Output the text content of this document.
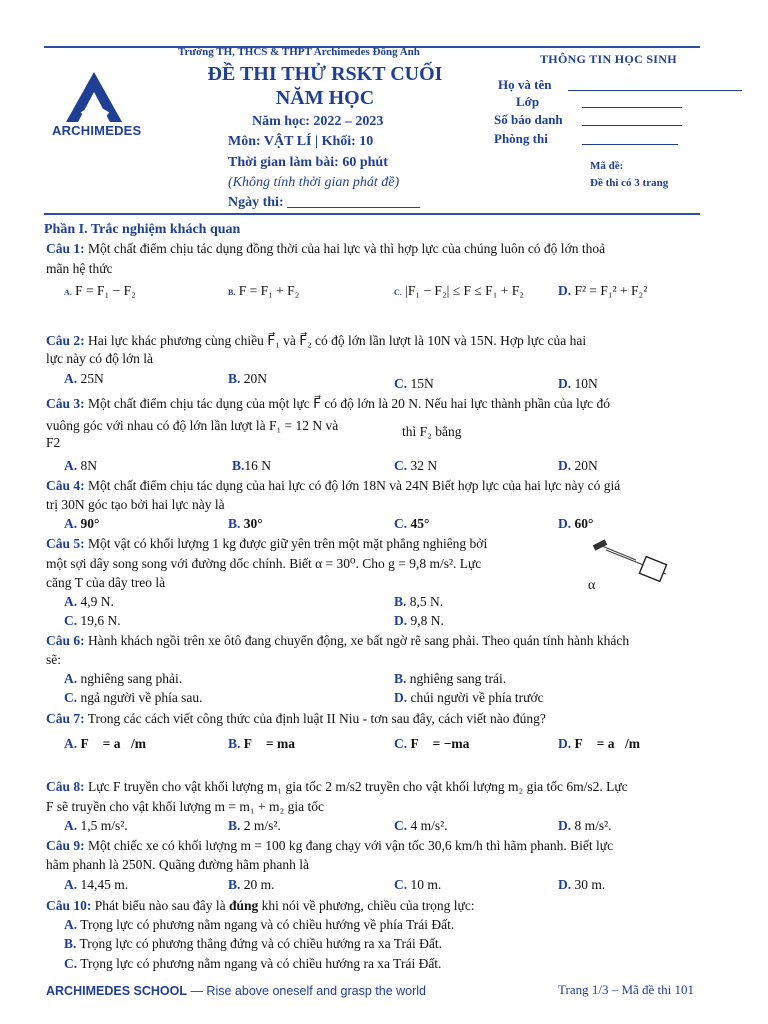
ARCHIMEDES
Trường TH, THCS & THPT Archimedes Đông Anh
ĐỀ THI THỬ RSKT CUỐI
NĂM HỌC
Năm học: 2022 – 2023
Môn: VẬT LÍ | Khối: 10
Thời gian làm bài: 60 phút
(Không tính thời gian phát đề)
Ngày thi: ___________________
THÔNG TIN HỌC SINH
Họ và tên
Lớp
Số báo danh
Phòng thi
Mã đề:
Đề thi có 3 trang
Phần I. Trắc nghiệm khách quan
Câu 1: Một chất điểm chịu tác dụng đồng thời của hai lực và thì hợp lực của chúng luôn có độ lớn thoả
mãn hệ thức
A. F = F₁ − F₂	B. F = F₁ + F₂	C. |F₁ − F₂| ≤ F ≤ F₁ + F₂	D. F² = F₁² + F₂²
Câu 2: Hai lực khác phương cùng chiều F⃗₁ và F⃗₂ có độ lớn lần lượt là 10N và 15N. Hợp lực của hai
lực này có độ lớn là
A. 25N	B. 20N	C. 15N	D. 10N
Câu 3: Một chất điểm chịu tác dụng của một lực F⃗ có độ lớn là 20 N. Nếu hai lực thành phần của lực đó
vuông góc với nhau có độ lớn lần lượt là F₁ = 12 N và	thì F₂ bằng
F2
A. 8N	B.16 N	C. 32 N	D. 20N
Câu 4: Một chất điểm chịu tác dụng của hai lực có độ lớn 18N và 24N Biết hợp lực của hai lực này có giá
trị 30N góc tạo bởi hai lực này là
A. 90°	B. 30°	C. 45°	D. 60°
Câu 5: Một vật có khối lượng 1 kg được giữ yên trên một mặt phẳng nghiêng bởi
một sợi dây song song với đường dốc chính. Biết α = 30⁰. Cho g = 9,8 m/s². Lực
căng T của dây treo là	α
A. 4,9 N.	B. 8,5 N.
C. 19,6 N.	D. 9,8 N.
Câu 6: Hành khách ngồi trên xe ôtô đang chuyển động, xe bất ngờ rẽ sang phải. Theo quán tính hành khách
sẽ:
A. nghiêng sang phải.	B. nghiêng sang trái.
C. ngả người về phía sau.	D. chúi người về phía trước
Câu 7: Trong các cách viết công thức của định luật II Niu - tơn sau đây, cách viết nào đúng?
A. F⃗ = a⃗/m	B. F⃗ = ma⃗	C. F⃗ = −ma⃗	D. F⃗ = a⃗/m
Câu 8: Lực F truyền cho vật khối lượng m₁ gia tốc 2 m/s2 truyền cho vật khối lượng m₂ gia tốc 6m/s2. Lực
F sẽ truyền cho vật khối lượng m = m₁ + m₂ gia tốc
A. 1,5 m/s².	B. 2 m/s².	C. 4 m/s².	D. 8 m/s².
Câu 9: Một chiếc xe có khối lượng m = 100 kg đang chạy với vận tốc 30,6 km/h thì hãm phanh. Biết lực
hãm phanh là 250N. Quãng đường hãm phanh là
A. 14,45 m.	B. 20 m.	C. 10 m.	D. 30 m.
Câu 10: Phát biểu nào sau đây là đúng khi nói về phương, chiều của trọng lực:
A. Trọng lực có phương nằm ngang và có chiều hướng về phía Trái Đất.
B. Trọng lực có phương thẳng đứng và có chiều hướng ra xa Trái Đất.
C. Trọng lực có phương nằm ngang và có chiều hướng ra xa Trái Đất.
ARCHIMEDES SCHOOL — Rise above oneself and grasp the world	Trang 1/3 – Mã đề thi 101
